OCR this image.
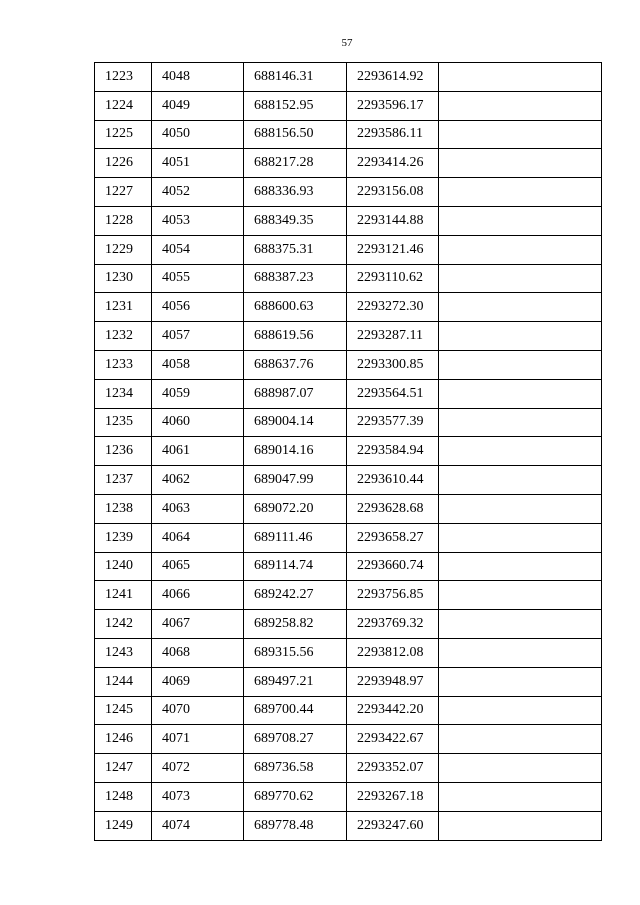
57
1223	4048	688146.31	2293614.92	
1224	4049	688152.95	2293596.17	
1225	4050	688156.50	2293586.11	
1226	4051	688217.28	2293414.26	
1227	4052	688336.93	2293156.08	
1228	4053	688349.35	2293144.88	
1229	4054	688375.31	2293121.46	
1230	4055	688387.23	2293110.62	
1231	4056	688600.63	2293272.30	
1232	4057	688619.56	2293287.11	
1233	4058	688637.76	2293300.85	
1234	4059	688987.07	2293564.51	
1235	4060	689004.14	2293577.39	
1236	4061	689014.16	2293584.94	
1237	4062	689047.99	2293610.44	
1238	4063	689072.20	2293628.68	
1239	4064	689111.46	2293658.27	
1240	4065	689114.74	2293660.74	
1241	4066	689242.27	2293756.85	
1242	4067	689258.82	2293769.32	
1243	4068	689315.56	2293812.08	
1244	4069	689497.21	2293948.97	
1245	4070	689700.44	2293442.20	
1246	4071	689708.27	2293422.67	
1247	4072	689736.58	2293352.07	
1248	4073	689770.62	2293267.18	
1249	4074	689778.48	2293247.60	
